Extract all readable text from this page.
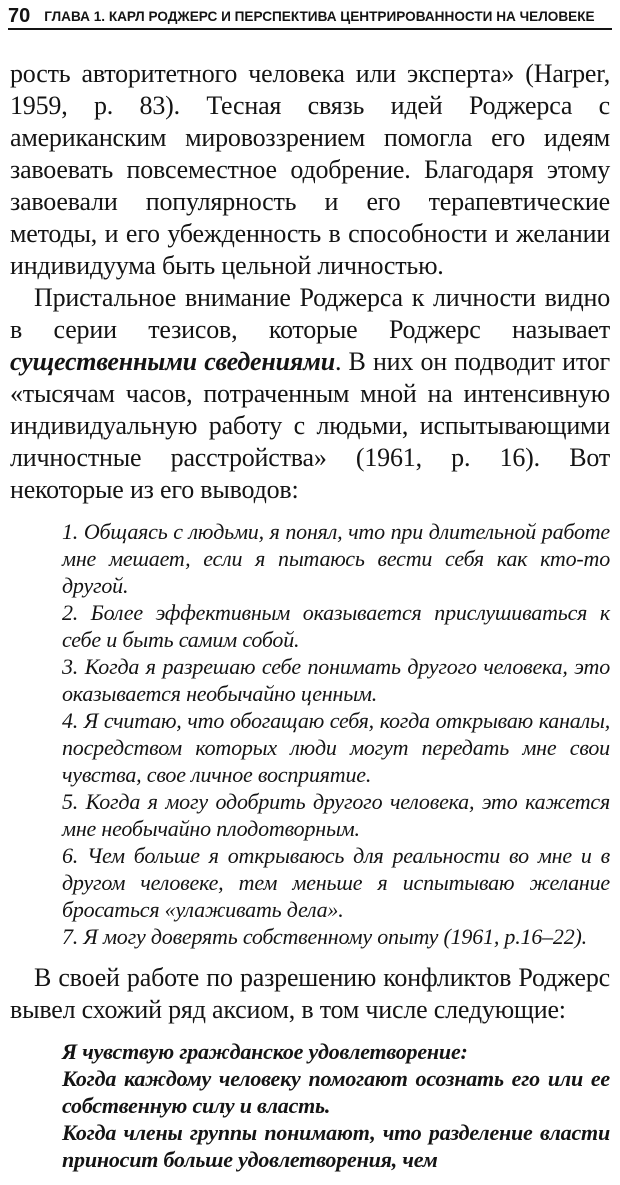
70 ГЛАВА 1. КАРЛ РОДЖЕРС И ПЕРСПЕКТИВА ЦЕНТРИРОВАННОСТИ НА ЧЕЛОВЕКЕ

рость авторитетного человека или эксперта» (Harper, 1959, p. 83). Тесная связь идей Роджерса с американским мировоззрением помогла его идеям завоевать повсеместное одобрение. Благодаря этому завоевали популярность и его терапевтические методы, и его убежденность в способности и желании индивидуума быть цельной личностью.

Пристальное внимание Роджерса к личности видно в серии тезисов, которые Роджерс называет существенными сведениями. В них он подводит итог «тысячам часов, потраченным мной на интенсивную индивидуальную работу с людьми, испытывающими личностные расстройства» (1961, p. 16). Вот некоторые из его выводов:

1. Общаясь с людьми, я понял, что при длительной работе мне мешает, если я пытаюсь вести себя как кто-то другой.

2. Более эффективным оказывается прислушиваться к себе и быть самим собой.

3. Когда я разрешаю себе понимать другого человека, это оказывается необычайно ценным.

4. Я считаю, что обогащаю себя, когда открываю каналы, посредством которых люди могут передать мне свои чувства, свое личное восприятие.

5. Когда я могу одобрить другого человека, это кажется мне необычайно плодотворным.

6. Чем больше я открываюсь для реальности во мне и в другом человеке, тем меньше я испытываю желание бросаться «улаживать дела».

7. Я могу доверять собственному опыту (1961, p.16–22).

В своей работе по разрешению конфликтов Роджерс вывел схожий ряд аксиом, в том числе следующие:

Я чувствую гражданское удовлетворение:

Когда каждому человеку помогают осознать его или ее собственную силу и власть.

Когда члены группы понимают, что разделение власти приносит больше удовлетворения, чем
